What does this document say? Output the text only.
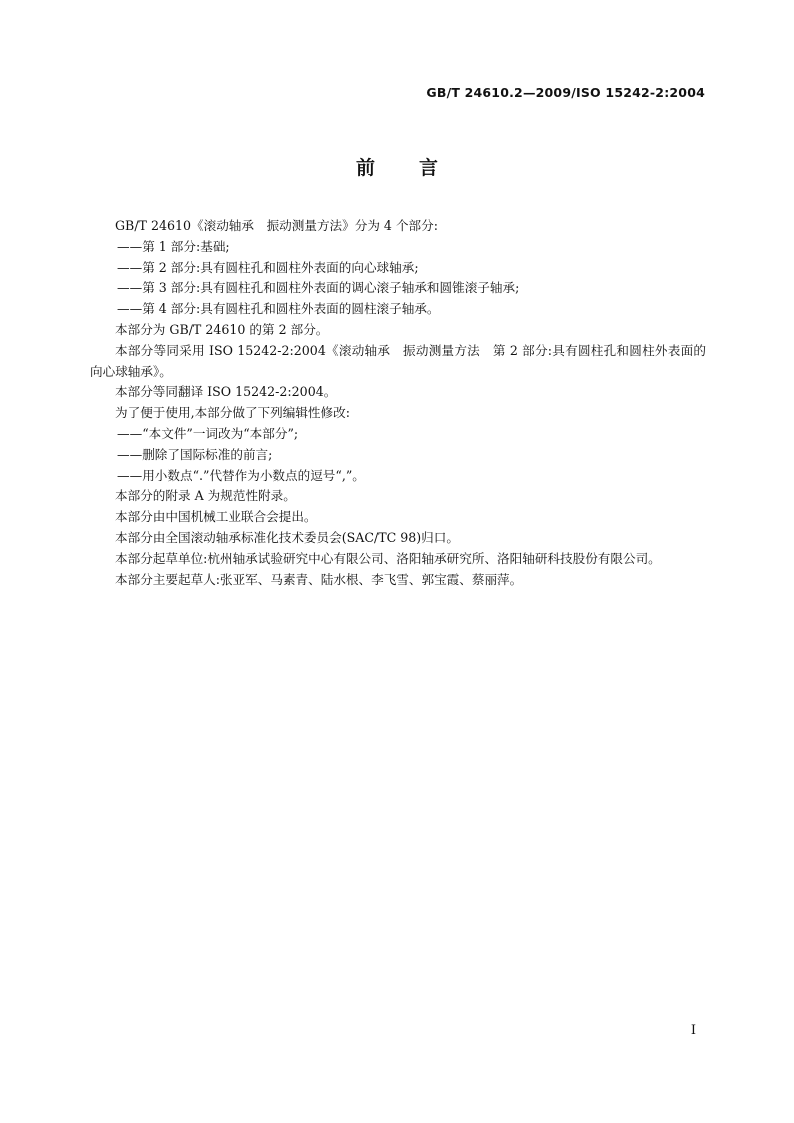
GB/T 24610.2—2009/ISO 15242-2:2004
前 言

GB/T 24610《滚动轴承　振动测量方法》分为 4 个部分:

——第 1 部分:基础;

——第 2 部分:具有圆柱孔和圆柱外表面的向心球轴承;

——第 3 部分:具有圆柱孔和圆柱外表面的调心滚子轴承和圆锥滚子轴承;

——第 4 部分:具有圆柱孔和圆柱外表面的圆柱滚子轴承。

本部分为 GB/T 24610 的第 2 部分。

本部分等同采用 ISO 15242-2:2004《滚动轴承　振动测量方法　第 2 部分:具有圆柱孔和圆柱外表面的向心球轴承》。

本部分等同翻译 ISO 15242-2:2004。

为了便于使用,本部分做了下列编辑性修改:

——“本文件”一词改为“本部分”;

——删除了国际标准的前言;

——用小数点“.”代替作为小数点的逗号“,”。

本部分的附录 A 为规范性附录。

本部分由中国机械工业联合会提出。

本部分由全国滚动轴承标准化技术委员会(SAC/TC 98)归口。

本部分起草单位:杭州轴承试验研究中心有限公司、洛阳轴承研究所、洛阳轴研科技股份有限公司。

本部分主要起草人:张亚军、马素青、陆水根、李飞雪、郭宝霞、蔡丽萍。

I
